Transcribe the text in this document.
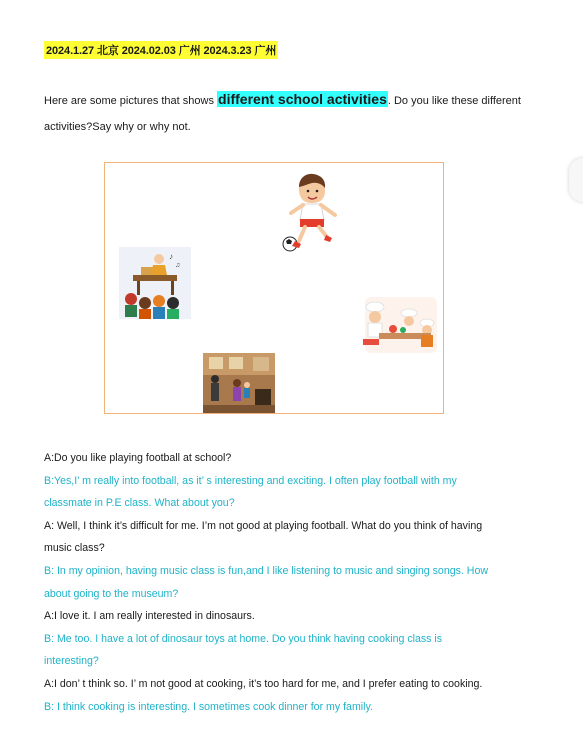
2024.1.27 北京 2024.02.03 广州 2024.3.23 广州
Here are some pictures that shows different school activities. Do you like these different activities?Say why or why not.
♪
♫
A:Do you like playing football at school?
B:Yes,I’ m really into football, as it’ s interesting and exciting. I often play football with my
classmate in P.E class. What about you?
A: Well, I think it’s difficult for me. I’m not good at playing football. What do you think of having
music class?
B: In my opinion, having music class is fun,and I like listening to music and singing songs. How
about going to the museum?
A:I love it. I am really interested in dinosaurs.
B: Me too. I have a lot of dinosaur toys at home. Do you think having cooking class is
interesting?
A:I don’ t think so. I’ m not good at cooking, it’s too hard for me, and I prefer eating to cooking.
B: I think cooking is interesting. I sometimes cook dinner for my family.
